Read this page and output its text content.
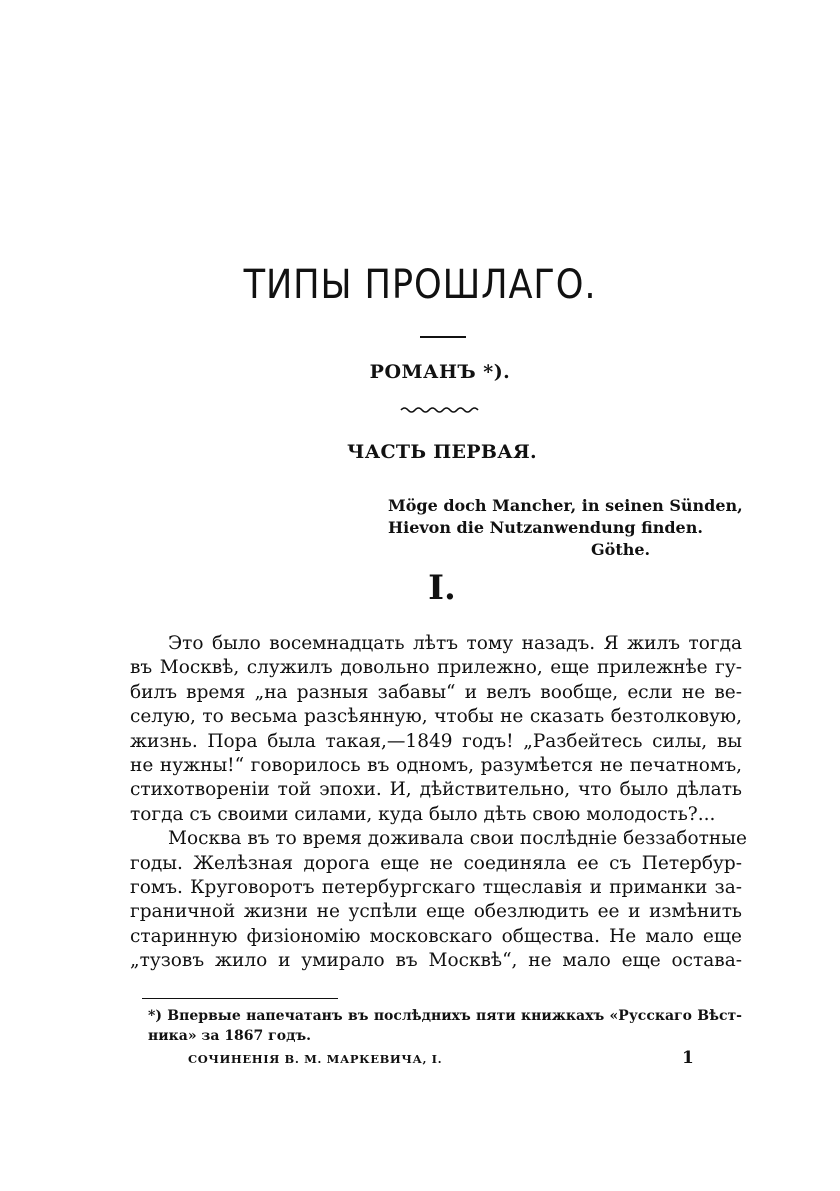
ТИПЫ ПРОШЛАГО.
РОМАНЪ *).
ЧАСТЬ ПЕРВАЯ.
Möge doch Mancher, in seinen Sünden,
Hievon die Nutzanwendung finden.
Göthe.
I.
Это было восемнадцать лѣтъ тому назадъ. Я жилъ тогда
въ Москвѣ, служилъ довольно прилежно, еще прилежнѣе гу-
билъ время „на разныя забавы“ и велъ вообще, если не ве-
селую, то весьма разсѣянную, чтобы не сказать безтолковую,
жизнь. Пора была такая,—1849 годъ! „Разбейтесь силы, вы
не нужны!“ говорилось въ одномъ, разумѣется не печатномъ,
стихотвореніи той эпохи. И, дѣйствительно, что было дѣлать
тогда съ своими силами, куда было дѣть свою молодость?...
Москва въ то время доживала свои послѣдніе беззаботные
годы. Желѣзная дорога еще не соединяла ее съ Петербур-
гомъ. Круговоротъ петербургскаго тщеславія и приманки за-
граничной жизни не успѣли еще обезлюдить ее и измѣнить
старинную физіономію московскаго общества. Не мало еще
„тузовъ жило и умирало въ Москвѣ“, не мало еще остава-
*) Впервые напечатанъ въ послѣднихъ пяти книжкахъ «Русскаго Вѣст-
ника» за 1867 годъ.
СОЧИНЕНІЯ В. М. МАРКЕВИЧА, I.	1
